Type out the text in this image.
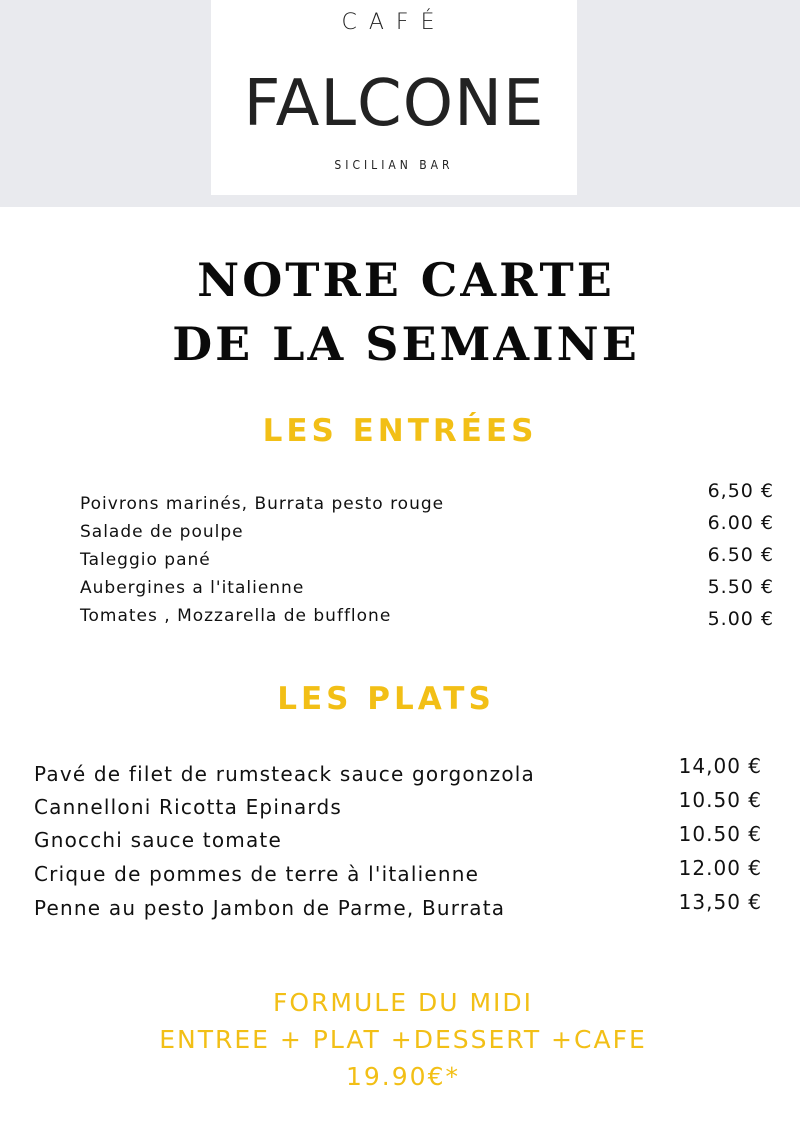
CAFÉ
FALCONE
SICILIAN BAR
NOTRE CARTE
DE LA SEMAINE
LES ENTRÉES
Poivrons marinés, Burrata pesto rouge
Salade de poulpe
Taleggio pané
Aubergines a l'italienne
Tomates , Mozzarella de bufflone
6,50 €
6.00 €
6.50 €
5.50 €
5.00 €
LES PLATS
Pavé de filet de rumsteack sauce gorgonzola
Cannelloni Ricotta Epinards
Gnocchi sauce tomate
Crique de pommes de terre à l'italienne
Penne au pesto Jambon de Parme, Burrata
14,00 €
10.50 €
10.50 €
12.00 €
13,50 €
FORMULE DU MIDI
ENTREE + PLAT +DESSERT +CAFE
19.90€*
